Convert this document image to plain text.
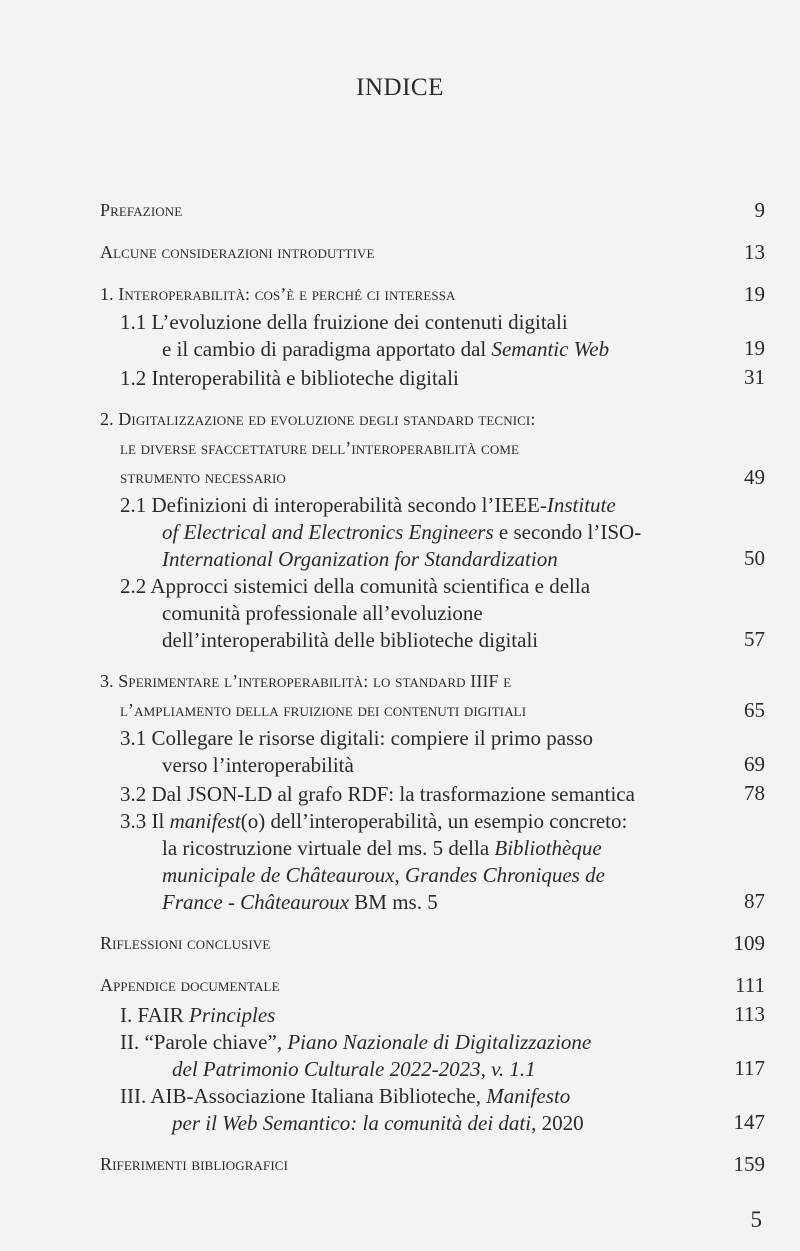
INDICE
Prefazione	9
Alcune considerazioni introduttive	13
1. Interoperabilità: cos’è e perché ci interessa	19
1.1 L’evoluzione della fruizione dei contenuti digitali
e il cambio di paradigma apportato dal Semantic Web	19
1.2 Interoperabilità e biblioteche digitali	31
2. Digitalizzazione ed evoluzione degli standard tecnici:
le diverse sfaccettature dell’interoperabilità come
strumento necessario	49
2.1 Definizioni di interoperabilità secondo l’IEEE-Institute
of Electrical and Electronics Engineers e secondo l’ISO-
International Organization for Standardization	50
2.2 Approcci sistemici della comunità scientifica e della
comunità professionale all’evoluzione
dell’interoperabilità delle biblioteche digitali	57
3. Sperimentare l’interoperabilità: lo standard IIIF e
l’ampliamento della fruizione dei contenuti digitiali	65
3.1 Collegare le risorse digitali: compiere il primo passo
verso l’interoperabilità	69
3.2 Dal JSON-LD al grafo RDF: la trasformazione semantica	78
3.3 Il manifest(o) dell’interoperabilità, un esempio concreto:
la ricostruzione virtuale del ms. 5 della Bibliothèque
municipale de Châteauroux, Grandes Chroniques de
France - Châteauroux BM ms. 5	87
Riflessioni conclusive	109
Appendice documentale	111
I. FAIR Principles	113
II. “Parole chiave”, Piano Nazionale di Digitalizzazione
del Patrimonio Culturale 2022-2023, v. 1.1	117
III. AIB-Associazione Italiana Biblioteche, Manifesto
per il Web Semantico: la comunità dei dati, 2020	147
Riferimenti bibliografici	159
5
